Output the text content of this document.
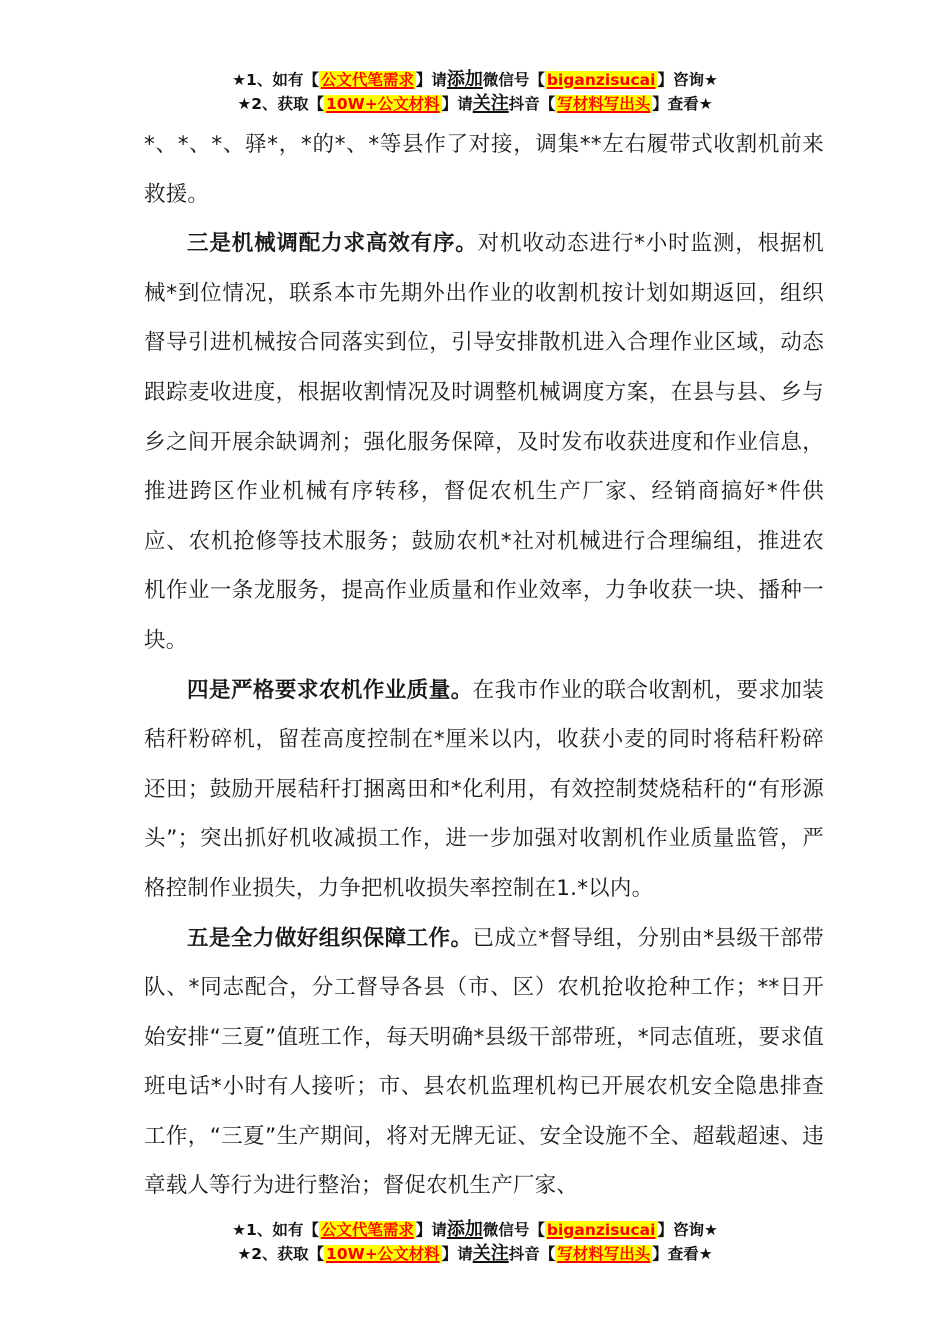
★1、如有【 公文代笔需求 】请添加微信号【 biganzisucai 】咨询★
★2、获取【 10W+公文材料 】请关注抖音【 写材料写出头 】查看★

*、*、*、驿*，*的*、*等县作了对接，调集**左右履带式收割机前来救援。

三是机械调配力求高效有序。对机收动态进行*小时监测，根据机械*到位情况，联系本市先期外出作业的收割机按计划如期返回，组织督导引进机械按合同落实到位，引导安排散机进入合理作业区域，动态跟踪麦收进度，根据收割情况及时调整机械调度方案，在县与县、乡与乡之间开展余缺调剂；强化服务保障，及时发布收获进度和作业信息，推进跨区作业机械有序转移，督促农机生产厂家、经销商搞好*件供应、农机抢修等技术服务；鼓励农机*社对机械进行合理编组，推进农机作业一条龙服务，提高作业质量和作业效率，力争收获一块、播种一块。

四是严格要求农机作业质量。在我市作业的联合收割机，要求加装秸秆粉碎机，留茬高度控制在*厘米以内，收获小麦的同时将秸秆粉碎还田；鼓励开展秸秆打捆离田和*化利用，有效控制焚烧秸秆的“有形源头”；突出抓好机收减损工作，进一步加强对收割机作业质量监管，严格控制作业损失，力争把机收损失率控制在1.*以内。

五是全力做好组织保障工作。已成立*督导组，分别由*县级干部带队、*同志配合，分工督导各县（市、区）农机抢收抢种工作；**日开始安排“三夏”值班工作，每天明确*县级干部带班，*同志值班，要求值班电话*小时有人接听；市、县农机监理机构已开展农机安全隐患排查工作，“三夏”生产期间，将对无牌无证、安全设施不全、超载超速、违章载人等行为进行整治；督促农机生产厂家、

★1、如有【 公文代笔需求 】请添加微信号【 biganzisucai 】咨询★
★2、获取【 10W+公文材料 】请关注抖音【 写材料写出头 】查看★
